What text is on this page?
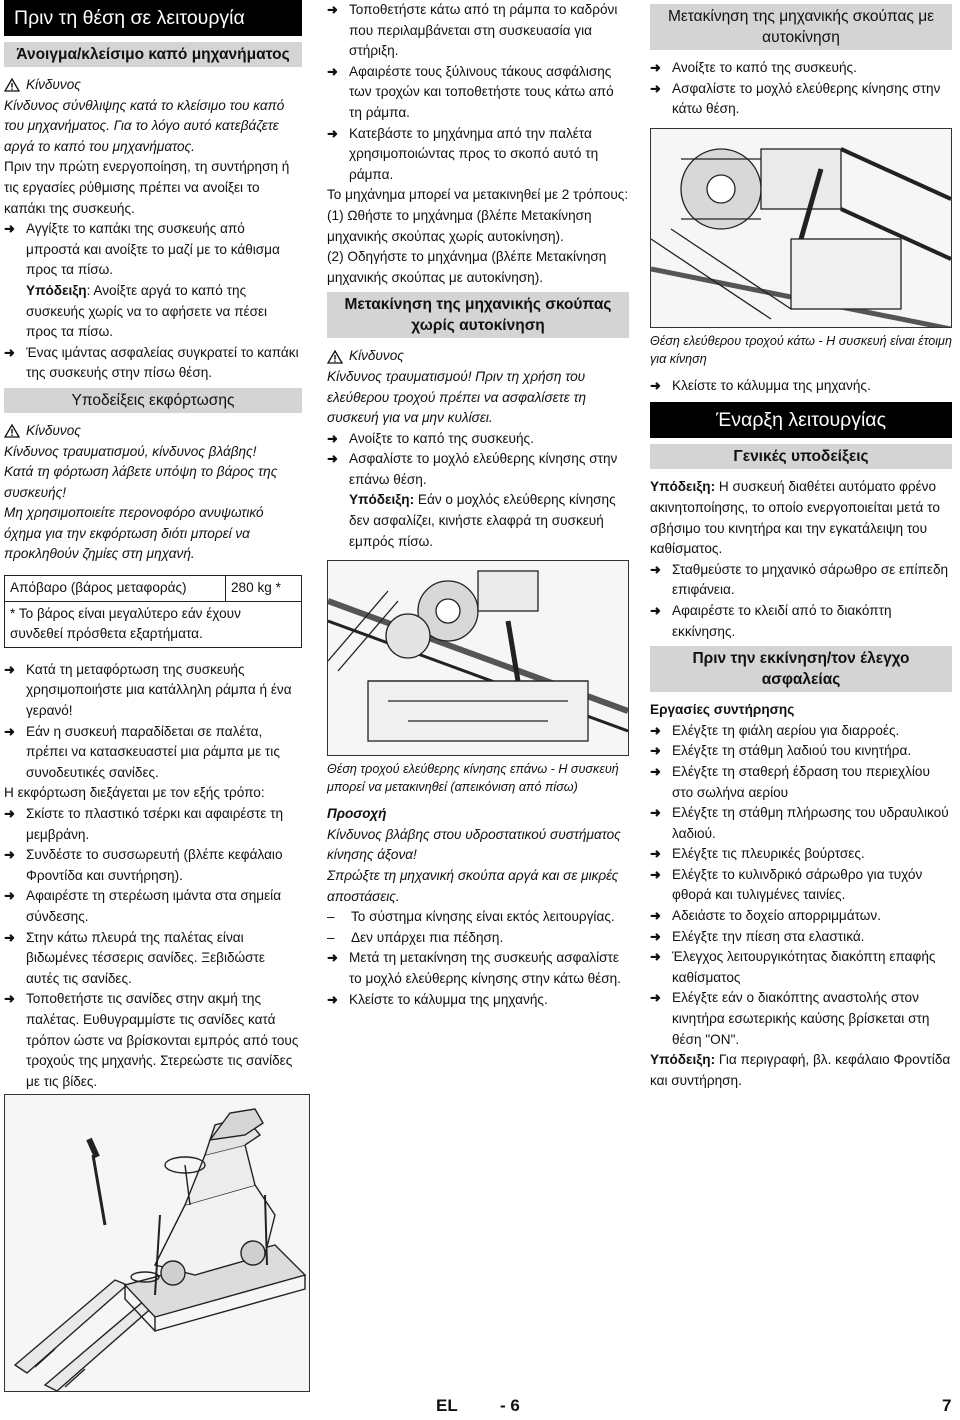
Πριν τη θέση σε λειτουργία
Άνοιγμα/κλείσιμο καπό μηχανήματος
Κίνδυνος

Κίνδυνος σύνθλιψης κατά το κλείσιμο του καπό του μηχανήματος. Για το λόγο αυτό κατεβάζετε αργά το καπό του μηχανήματος.

Πριν την πρώτη ενεργοποίηση, τη συντήρηση ή τις εργασίες ρύθμισης πρέπει να ανοίξει το καπάκι της συσκευής.

➜ Αγγίξτε το καπάκι της συσκευής από μπροστά και ανοίξτε το μαζί με το κάθισμα προς τα πίσω.

Υπόδειξη: Ανοίξτε αργά το καπό της συσκευής χωρίς να το αφήσετε να πέσει προς τα πίσω.

➜ Ένας ιμάντας ασφαλείας συγκρατεί το καπάκι της συσκευής στην πίσω θέση.
Υποδείξεις εκφόρτωσης
Κίνδυνος

Κίνδυνος τραυματισμού, κίνδυνος βλάβης!

Κατά τη φόρτωση λάβετε υπόψη το βάρος της συσκευής!

Μη χρησιμοποιείτε περονοφόρο ανυψωτικό όχημα για την εκφόρτωση διότι μπορεί να προκληθούν ζημίες στη μηχανή.

Απόβαρο (βάρος μεταφοράς)	280 kg *
* Το βάρος είναι μεγαλύτερο εάν έχουν συνδεθεί πρόσθετα εξαρτήματα.
➜ Κατά τη μεταφόρτωση της συσκευής χρησιμοποιήστε μια κατάλληλη ράμπα ή ένα γερανό!
➜ Εάν η συσκευή παραδίδεται σε παλέτα, πρέπει να κατασκευαστεί μια ράμπα με τις συνοδευτικές σανίδες.

Η εκφόρτωση διεξάγεται με τον εξής τρόπο:

➜ Σκίστε το πλαστικό τσέρκι και αφαιρέστε τη μεμβράνη.
➜ Συνδέστε το συσσωρευτή (βλέπε κεφάλαιο Φροντίδα και συντήρηση).
➜ Αφαιρέστε τη στερέωση ιμάντα στα σημεία σύνδεσης.
➜ Στην κάτω πλευρά της παλέτας είναι βιδωμένες τέσσερις σανίδες. Ξεβιδώστε αυτές τις σανίδες.
➜ Τοποθετήστε τις σανίδες στην ακμή της παλέτας. Ευθυγραμμίστε τις σανίδες κατά τρόπον ώστε να βρίσκονται εμπρός από τους τροχούς της μηχανής. Στερεώστε τις σανίδες με τις βίδες.
➜ Τοποθετήστε κάτω από τη ράμπα το καδρόνι που περιλαμβάνεται στη συσκευασία για στήριξη.
➜ Αφαιρέστε τους ξύλινους τάκους ασφάλισης των τροχών και τοποθετήστε τους κάτω από τη ράμπα.
➜ Κατεβάστε το μηχάνημα από την παλέτα χρησιμοποιώντας προς το σκοπό αυτό τη ράμπα.

Το μηχάνημα μπορεί να μετακινηθεί με 2 τρόπους:

(1) Ωθήστε το μηχάνημα (βλέπε Μετακίνηση μηχανικής σκούπας χωρίς αυτοκίνηση).

(2) Οδηγήστε το μηχάνημα (βλέπε Μετακίνηση μηχανικής σκούπας με αυτοκίνηση).

Μετακίνηση της μηχανικής σκούπας χωρίς αυτοκίνηση
Κίνδυνος

Κίνδυνος τραυματισμού! Πριν τη χρήση του ελεύθερου τροχού πρέπει να ασφαλίσετε τη συσκευή για να μην κυλίσει.

➜ Ανοίξτε το καπό της συσκευής.
➜ Ασφαλίστε το μοχλό ελεύθερης κίνησης στην επάνω θέση.

Υπόδειξη: Εάν ο μοχλός ελεύθερης κίνησης δεν ασφαλίζει, κινήστε ελαφρά τη συσκευή εμπρός πίσω.

Θέση τροχού ελεύθερης κίνησης επάνω - Η συσκευή μπορεί να μετακινηθεί (απεικόνιση από πίσω)

Προσοχή

Κίνδυνος βλάβης στου υδροστατικού συστήματος κίνησης άξονα!

Σπρώξτε τη μηχανική σκούπα αργά και σε μικρές αποστάσεις.

–	Το σύστημα κίνησης είναι εκτός λειτουργίας.
–	Δεν υπάρχει πια πέδηση.
➜ Μετά τη μετακίνηση της συσκευής ασφαλίστε το μοχλό ελεύθερης κίνησης στην κάτω θέση.
➜ Κλείστε το κάλυμμα της μηχανής.
Μετακίνηση της μηχανικής σκούπας με αυτοκίνηση
➜ Ανοίξτε το καπό της συσκευής.
➜ Ασφαλίστε το μοχλό ελεύθερης κίνησης στην κάτω θέση.

Θέση ελεύθερου τροχού κάτω - Η συσκευή είναι έτοιμη για κίνηση

➜ Κλείστε το κάλυμμα της μηχανής.
Έναρξη λειτουργίας
Γενικές υποδείξεις

Υπόδειξη: Η συσκευή διαθέτει αυτόματο φρένο ακινητοποίησης, το οποίο ενεργοποιείται μετά το σβήσιμο του κινητήρα και την εγκατάλειψη του καθίσματος.

➜ Σταθμεύστε το μηχανικό σάρωθρο σε επίπεδη επιφάνεια.
➜ Αφαιρέστε το κλειδί από το διακόπτη εκκίνησης.
Πριν την εκκίνηση/τον έλεγχο ασφαλείας

Εργασίες συντήρησης

➜ Ελέγξτε τη φιάλη αερίου για διαρροές.
➜ Ελέγξτε τη στάθμη λαδιού του κινητήρα.
➜ Ελέγξτε τη σταθερή έδραση του περιεχλίου στο σωλήνα αερίου
➜ Ελέγξτε τη στάθμη πλήρωσης του υδραυλικού λαδιού.
➜ Ελέγξτε τις πλευρικές βούρτσες.
➜ Ελέγξτε το κυλινδρικό σάρωθρο για τυχόν φθορά και τυλιγμένες ταινίες.
➜ Αδειάστε το δοχείο απορριμμάτων.
➜ Ελέγξτε την πίεση στα ελαστικά.
➜ Έλεγχος λειτουργικότητας διακόπτη επαφής καθίσματος
➜ Ελέγξτε εάν ο διακόπτης αναστολής στον κινητήρα εσωτερικής καύσης βρίσκεται στη θέση "ON".

Υπόδειξη: Για περιγραφή, βλ. κεφάλαιο Φροντίδα και συντήρηση.

EL - 6	7
